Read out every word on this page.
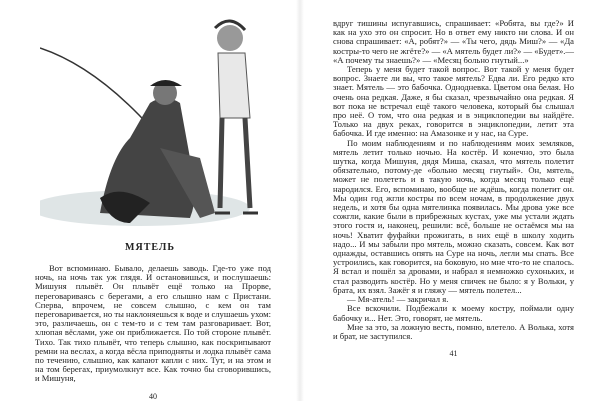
МЯТЕЛЬ

Вот вспоминаю. Бывало, делаешь заводь. Где-то уже под ночь, на ночь так уж глядя. И остановишься, и послушаешь: Мишуня плывёт. Он плывёт ещё только на Прорве, переговариваясь с берегами, а его слышно нам с Пристани. Сперва, впрочем, не совсем слышно, с кем он там переговаривается, но ты наклоняешься к воде и слушаешь ухом: это, различаешь, он с тем-то и с тем там разговаривает. Вот, хлюпая вёслами, уже он приближается. По той стороне плывёт. Тихо. Так тихо плывёт, что теперь слышно, как поскрипывают ремни на веслах, а когда вёсла приподняты и лодка плывёт сама по течению, слышно, как капают капли с них. Тут, и на этом и на том берегах, приумолкнут все. Как точно бы сговорившись, и Мишуня,

40

вдруг тишины испугавшись, спрашивает: «Робята, вы где?» И как на ухо это он спросит. Но в ответ ему никто ни слова. И он снова спрашивает: «А, робят?» — «Ты чего, дядь Миш?» — «Да костры-то чего не жгёте?» — «А мятель будет ли?» — «Будет».— «А почему ты знаешь?» — «Месяц больно гнутый...»

Теперь у меня будет такой вопрос. Вот такой у меня будет вопрос. Знаете ли вы, что такое мятель? Едва ли. Его редко кто знает. Мятель — это бабочка. Однодневка. Цветом она белая. Но очень она редкая. Даже, я бы сказал, чрезвычайно она редкая. Я вот пока не встречал ещё такого человека, который бы слышал про неё. О том, что она редкая и в энциклопедии вы найдёте. Только на двух реках, говорится в энциклопедии, летит эта бабочка. И где именно: на Амазонке и у нас, на Суре.

По моим наблюдениям и по наблюдениям моих земляков, мятель летит только ночью. На костёр. И конечно, это была шутка, когда Мишуня, дядя Миша, сказал, что мятель полетит обязательно, потому-де «больно месяц гнутый». Он, мятель, может не полететь и в такую ночь, когда месяц только ещё народился. Его, вспоминаю, вообще не ждёшь, когда полетит он. Мы один год жгли костры по всем ночам, в продолжение двух недель, и хотя бы одна мятелинка появилась. Мы дрова уже все сожгли, какие были в прибрежных кустах, уже мы устали ждать этого гостя и, наконец, решили: всё, больше не остаёмся мы на ночь! Хватит фуфайки прожигать, в них ещё в школу ходить надо... И мы забыли про мятель, можно сказать, совсем. Как вот однажды, оставшись опять на Суре на ночь, легли мы спать. Все устроились, как говорится, на боковую, но мне что-то не спалось. Я встал и пошёл за дровами, и набрал я немножко сухоньких, и стал разводить костёр. Но у меня спичек не было: я у Вольки, у брата, их взял. Зажёг я и гляжу — мятель полетел...

— Мя-атель! — закричал я.

Все вскочили. Подбежали к моему костру, поймали одну бабочку и... Нет. Это, говорят, не мятель.

Мне за это, за ложную весть, помню, влетело. А Волька, хотя и брат, не заступился.

41
